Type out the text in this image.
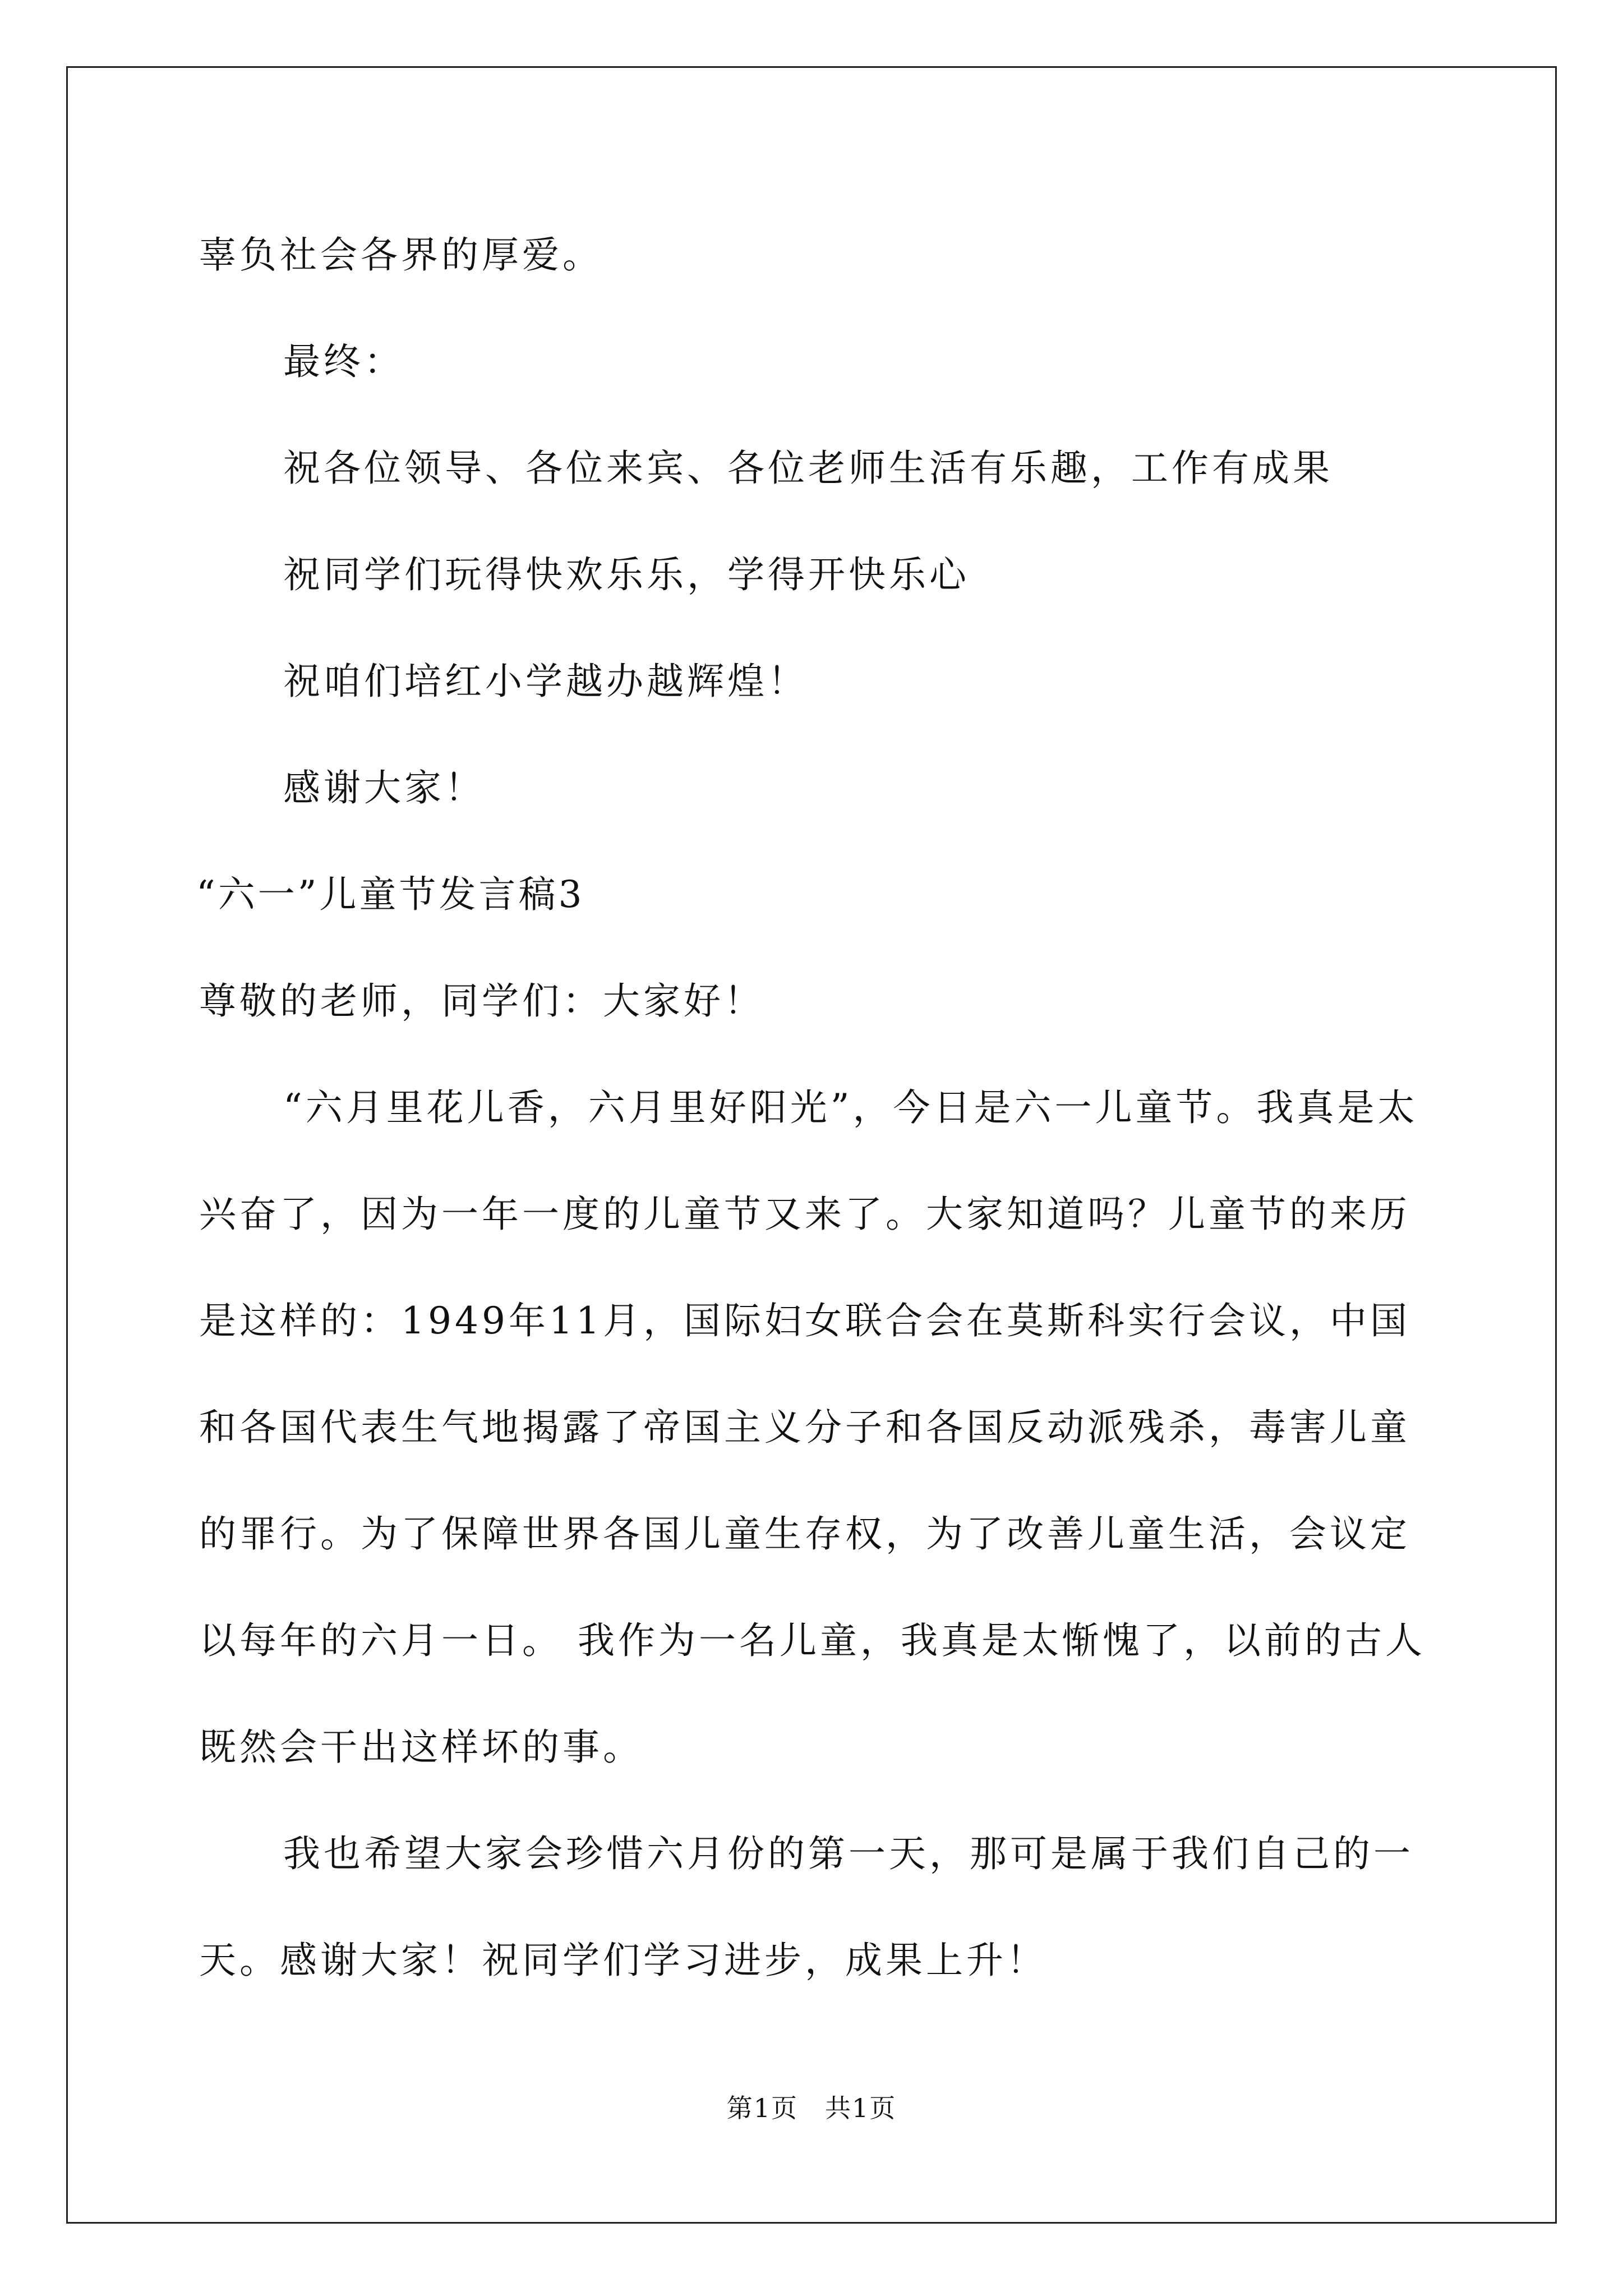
辜负社会各界的厚爱。
最终：
祝各位领导、各位来宾、各位老师生活有乐趣，工作有成果
祝同学们玩得快欢乐乐，学得开快乐心
祝咱们培红小学越办越辉煌！
感谢大家！
“六一”儿童节发言稿3
尊敬的老师，同学们：大家好！
“六月里花儿香，六月里好阳光”，今日是六一儿童节。我真是太
兴奋了，因为一年一度的儿童节又来了。大家知道吗？儿童节的来历
是这样的：1949年11月，国际妇女联合会在莫斯科实行会议，中国
和各国代表生气地揭露了帝国主义分子和各国反动派残杀，毒害儿童
的罪行。为了保障世界各国儿童生存权，为了改善儿童生活，会议定
以每年的六月一日。 我作为一名儿童，我真是太惭愧了，以前的古人
既然会干出这样坏的事。
我也希望大家会珍惜六月份的第一天，那可是属于我们自己的一
天。感谢大家！祝同学们学习进步，成果上升！
第1页　共1页
